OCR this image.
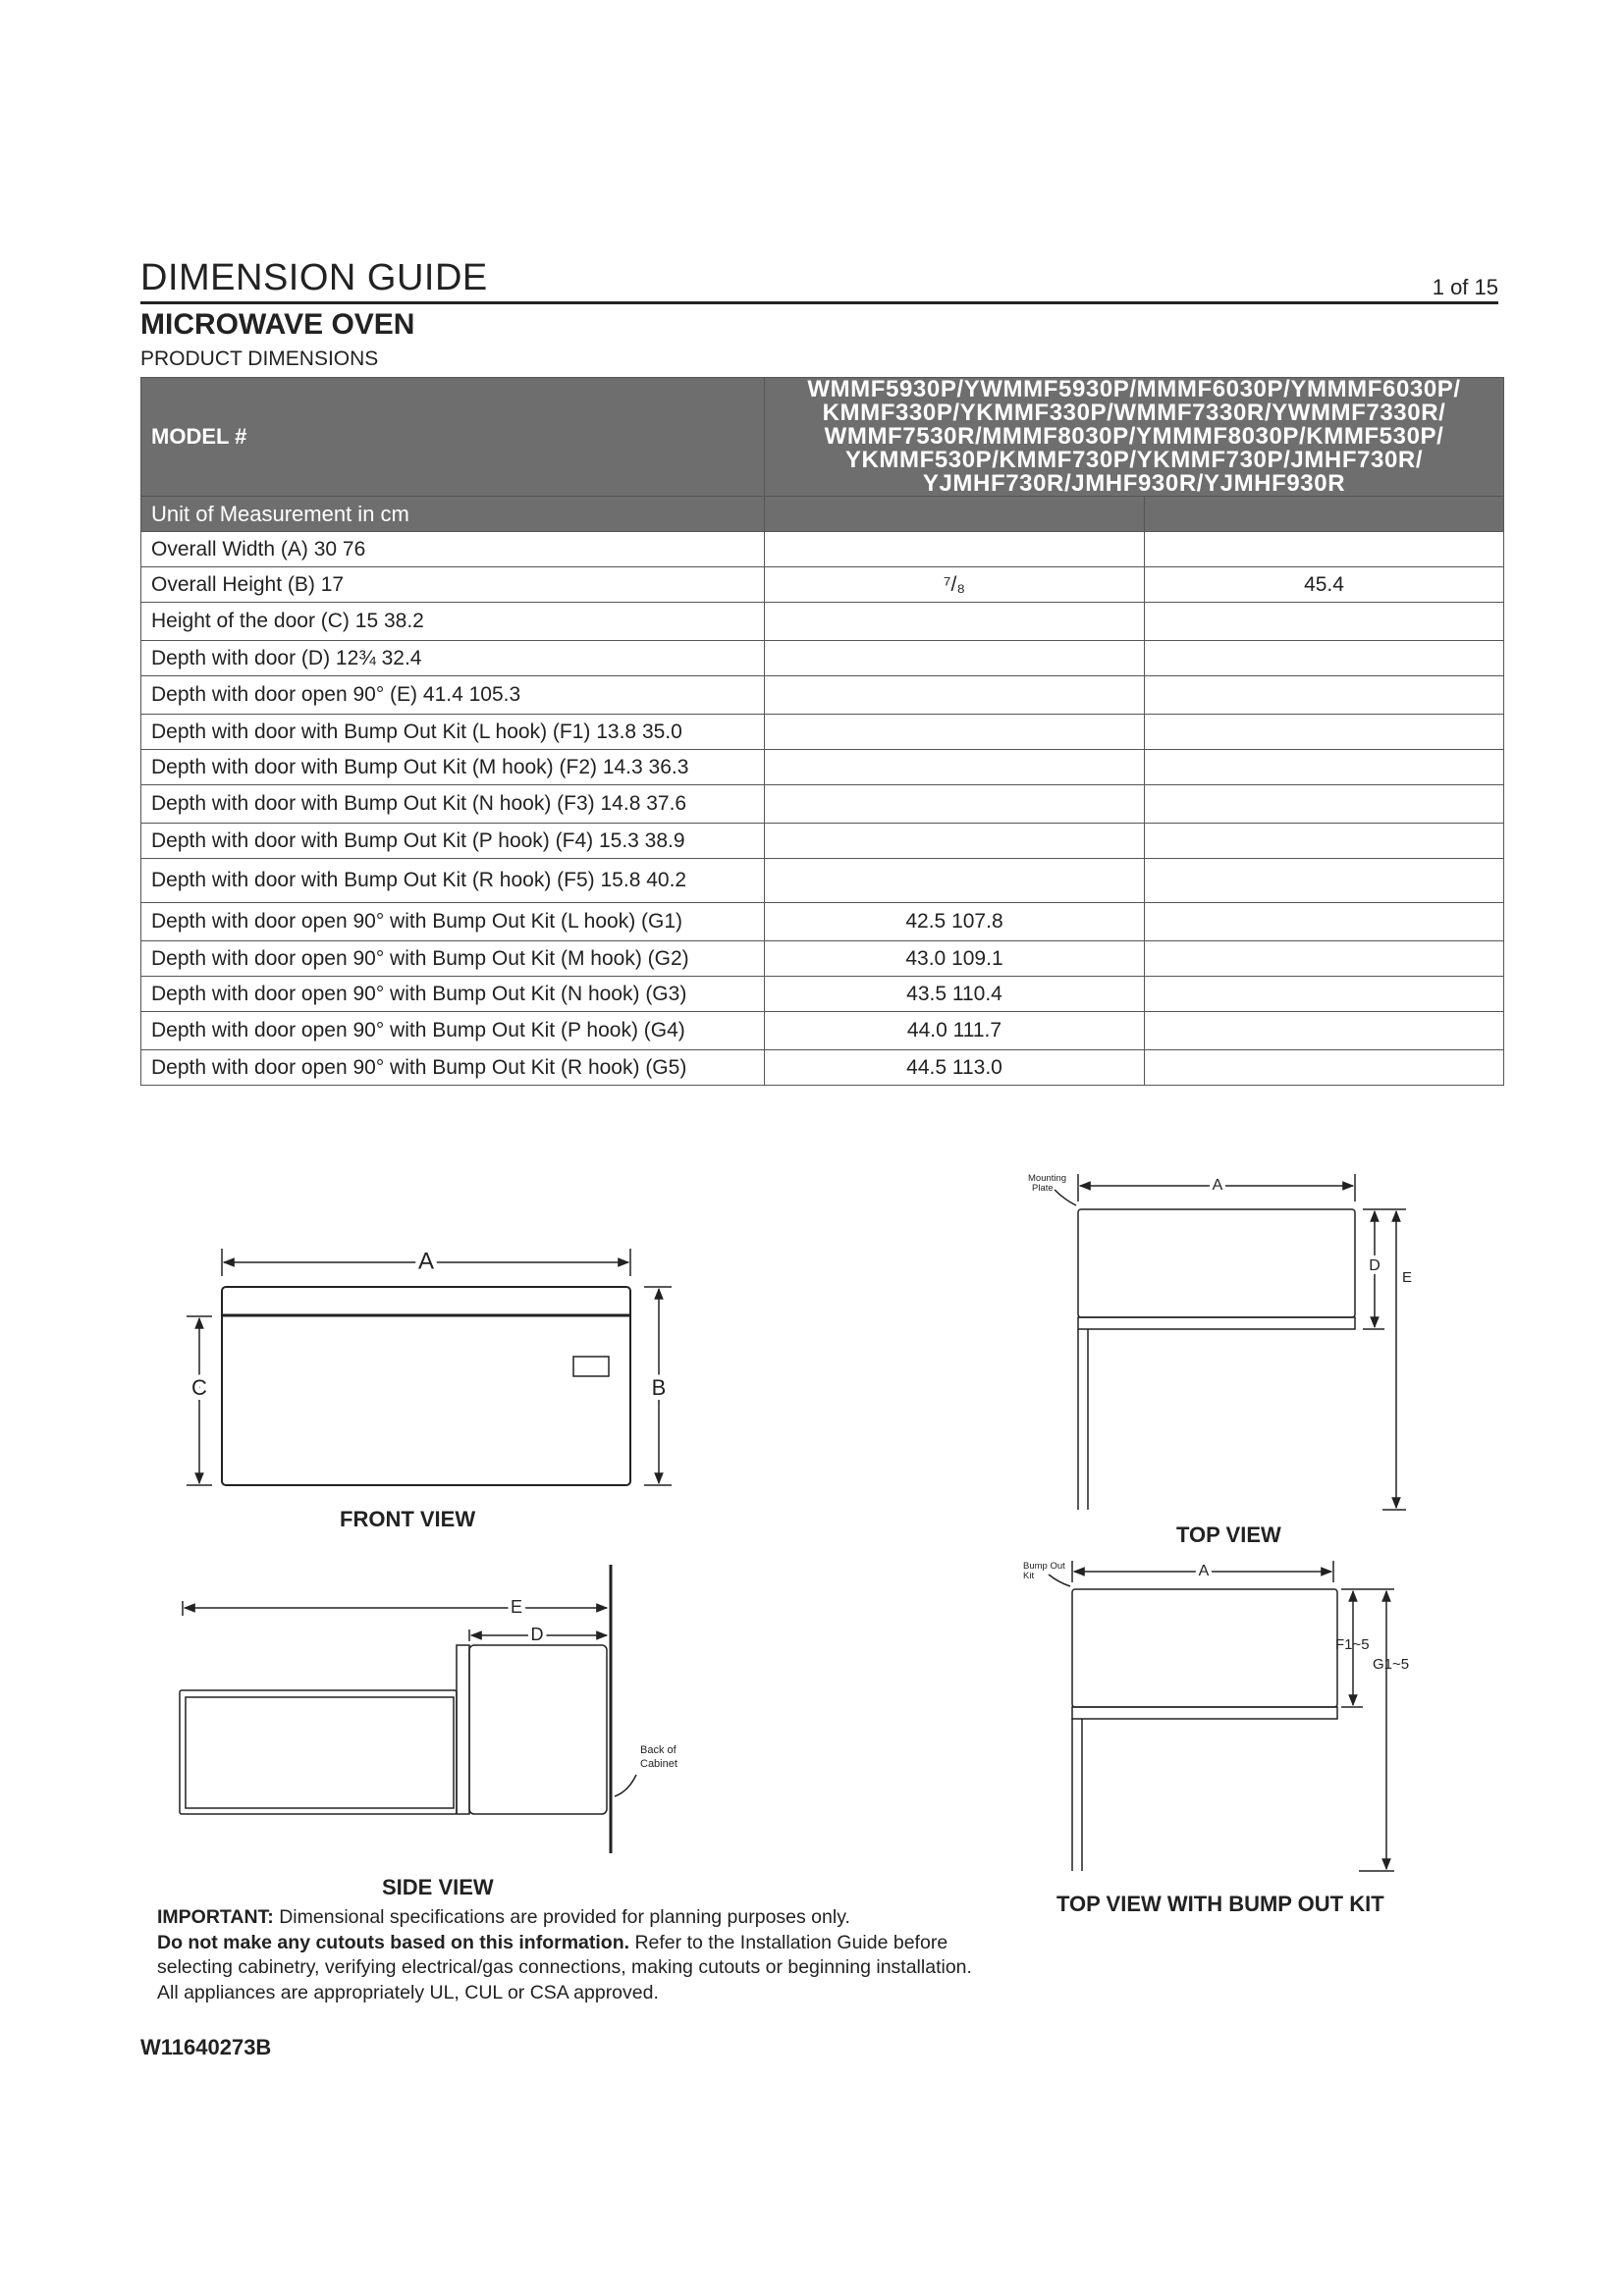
DIMENSION GUIDE	1 of 15
MICROWAVE OVEN
PRODUCT DIMENSIONS
MODEL #	WMMF5930P/YWMMF5930P/MMMF6030P/YMMMF6030P/
KMMF330P/YKMMF330P/WMMF7330R/YWMMF7330R/
WMMF7530R/MMMF8030P/YMMMF8030P/KMMF530P/
YKMMF530P/KMMF730P/YKMMF730P/JMHF730R/
YJMHF730R/JMHF930R/YJMHF930R	

Unit of Measurement in cm		
Overall Width (A) 30 76		
Overall Height (B) 17	⁷/₈	45.4
Height of the door (C) 15 38.2		
Depth with door (D) 12¾ 32.4		
Depth with door open 90° (E) 41.4 105.3		
Depth with door with Bump Out Kit (L hook) (F1) 13.8 35.0		
Depth with door with Bump Out Kit (M hook) (F2) 14.3 36.3		
Depth with door with Bump Out Kit (N hook) (F3) 14.8 37.6		
Depth with door with Bump Out Kit (P hook) (F4) 15.3 38.9		
Depth with door with Bump Out Kit (R hook) (F5) 15.8 40.2		
Depth with door open 90° with Bump Out Kit (L hook) (G1)	42.5 107.8	
Depth with door open 90° with Bump Out Kit (M hook) (G2)	43.0 109.1	
Depth with door open 90° with Bump Out Kit (N hook) (G3)	43.5 110.4	
Depth with door open 90° with Bump Out Kit (P hook) (G4)	44.0 111.7	
Depth with door open 90° with Bump Out Kit (R hook) (G5)	44.5 113.0	
A
C	B
E
D
Back of
Cabinet
A
D
E
Mounting
Plate
A
F1~5
G1~5
Bump Out
Kit
FRONT VIEW
SIDE VIEW
TOP VIEW
TOP VIEW WITH BUMP OUT KIT

IMPORTANT: Dimensional specifications are provided for planning purposes only.

Do not make any cutouts based on this information. Refer to the Installation Guide before

selecting cabinetry, verifying electrical/gas connections, making cutouts or beginning installation.

All appliances are appropriately UL, CUL or CSA approved.

W11640273B
